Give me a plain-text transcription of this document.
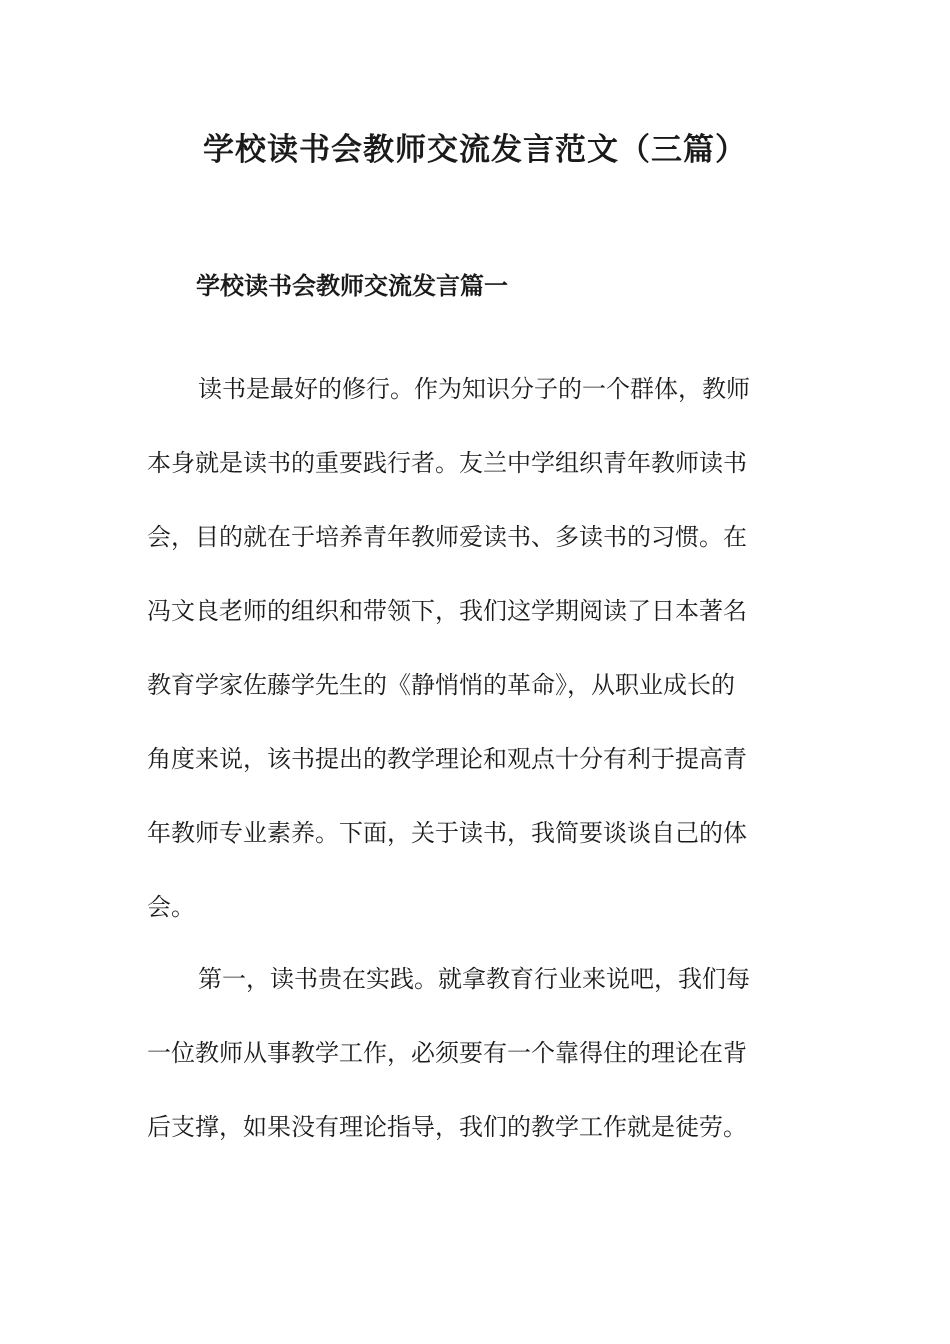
学校读书会教师交流发言范文（三篇）
学校读书会教师交流发言篇一
读书是最好的修行。作为知识分子的一个群体，教师
本身就是读书的重要践行者。友兰中学组织青年教师读书
会，目的就在于培养青年教师爱读书、多读书的习惯。在
冯文良老师的组织和带领下，我们这学期阅读了日本著名
教育学家佐藤学先生的《静悄悄的革命》，从职业成长的
角度来说，该书提出的教学理论和观点十分有利于提高青
年教师专业素养。下面，关于读书，我简要谈谈自己的体
会。
第一，读书贵在实践。就拿教育行业来说吧，我们每
一位教师从事教学工作，必须要有一个靠得住的理论在背
后支撑，如果没有理论指导，我们的教学工作就是徒劳。
